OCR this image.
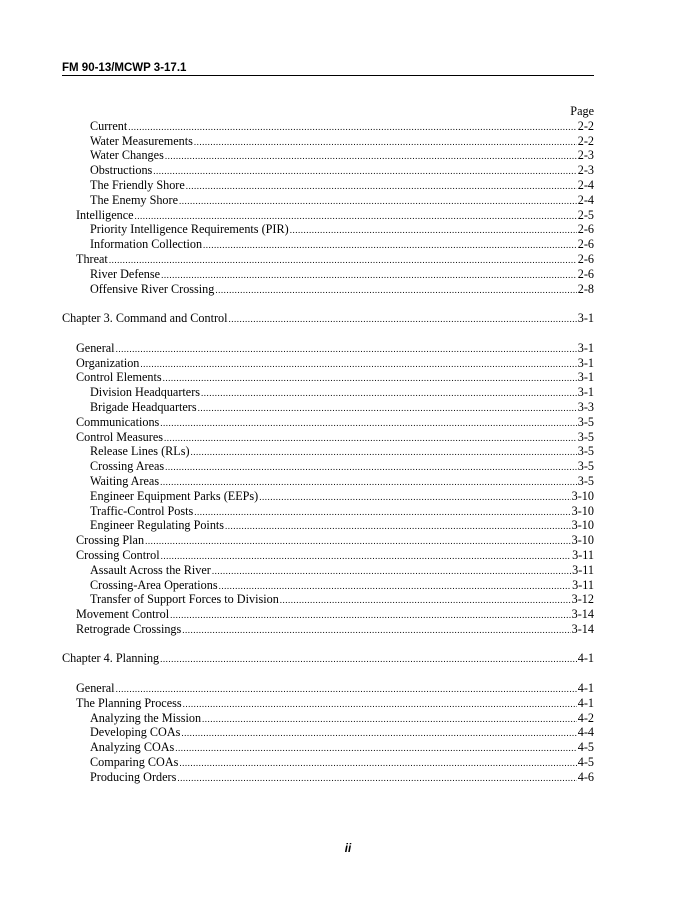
FM 90-13/MCWP 3-17.1
Page
Current .....	2-2
Water Measurements .....	2-2
Water Changes .....	2-3
Obstructions .....	2-3
The Friendly Shore .....	2-4
The Enemy Shore .....	2-4
Intelligence .....	2-5
Priority Intelligence Requirements (PIR) .....	2-6
Information Collection .....	2-6
Threat .....	2-6
River Defense .....	2-6
Offensive River Crossing .....	2-8
Chapter 3. Command and Control .....	3-1
General .....	3-1
Organization .....	3-1
Control Elements .....	3-1
Division Headquarters .....	3-1
Brigade Headquarters .....	3-3
Communications .....	3-5
Control Measures .....	3-5
Release Lines (RLs) .....	3-5
Crossing Areas .....	3-5
Waiting Areas .....	3-5
Engineer Equipment Parks (EEPs) .....	3-10
Traffic-Control Posts .....	3-10
Engineer Regulating Points .....	3-10
Crossing Plan .....	3-10
Crossing Control .....	3-11
Assault Across the River .....	3-11
Crossing-Area Operations .....	3-11
Transfer of Support Forces to Division .....	3-12
Movement Control .....	3-14
Retrograde Crossings .....	3-14
Chapter 4. Planning .....	4-1
General .....	4-1
The Planning Process .....	4-1
Analyzing the Mission .....	4-2
Developing COAs .....	4-4
Analyzing COAs .....	4-5
Comparing COAs .....	4-5
Producing Orders .....	4-6
ii
